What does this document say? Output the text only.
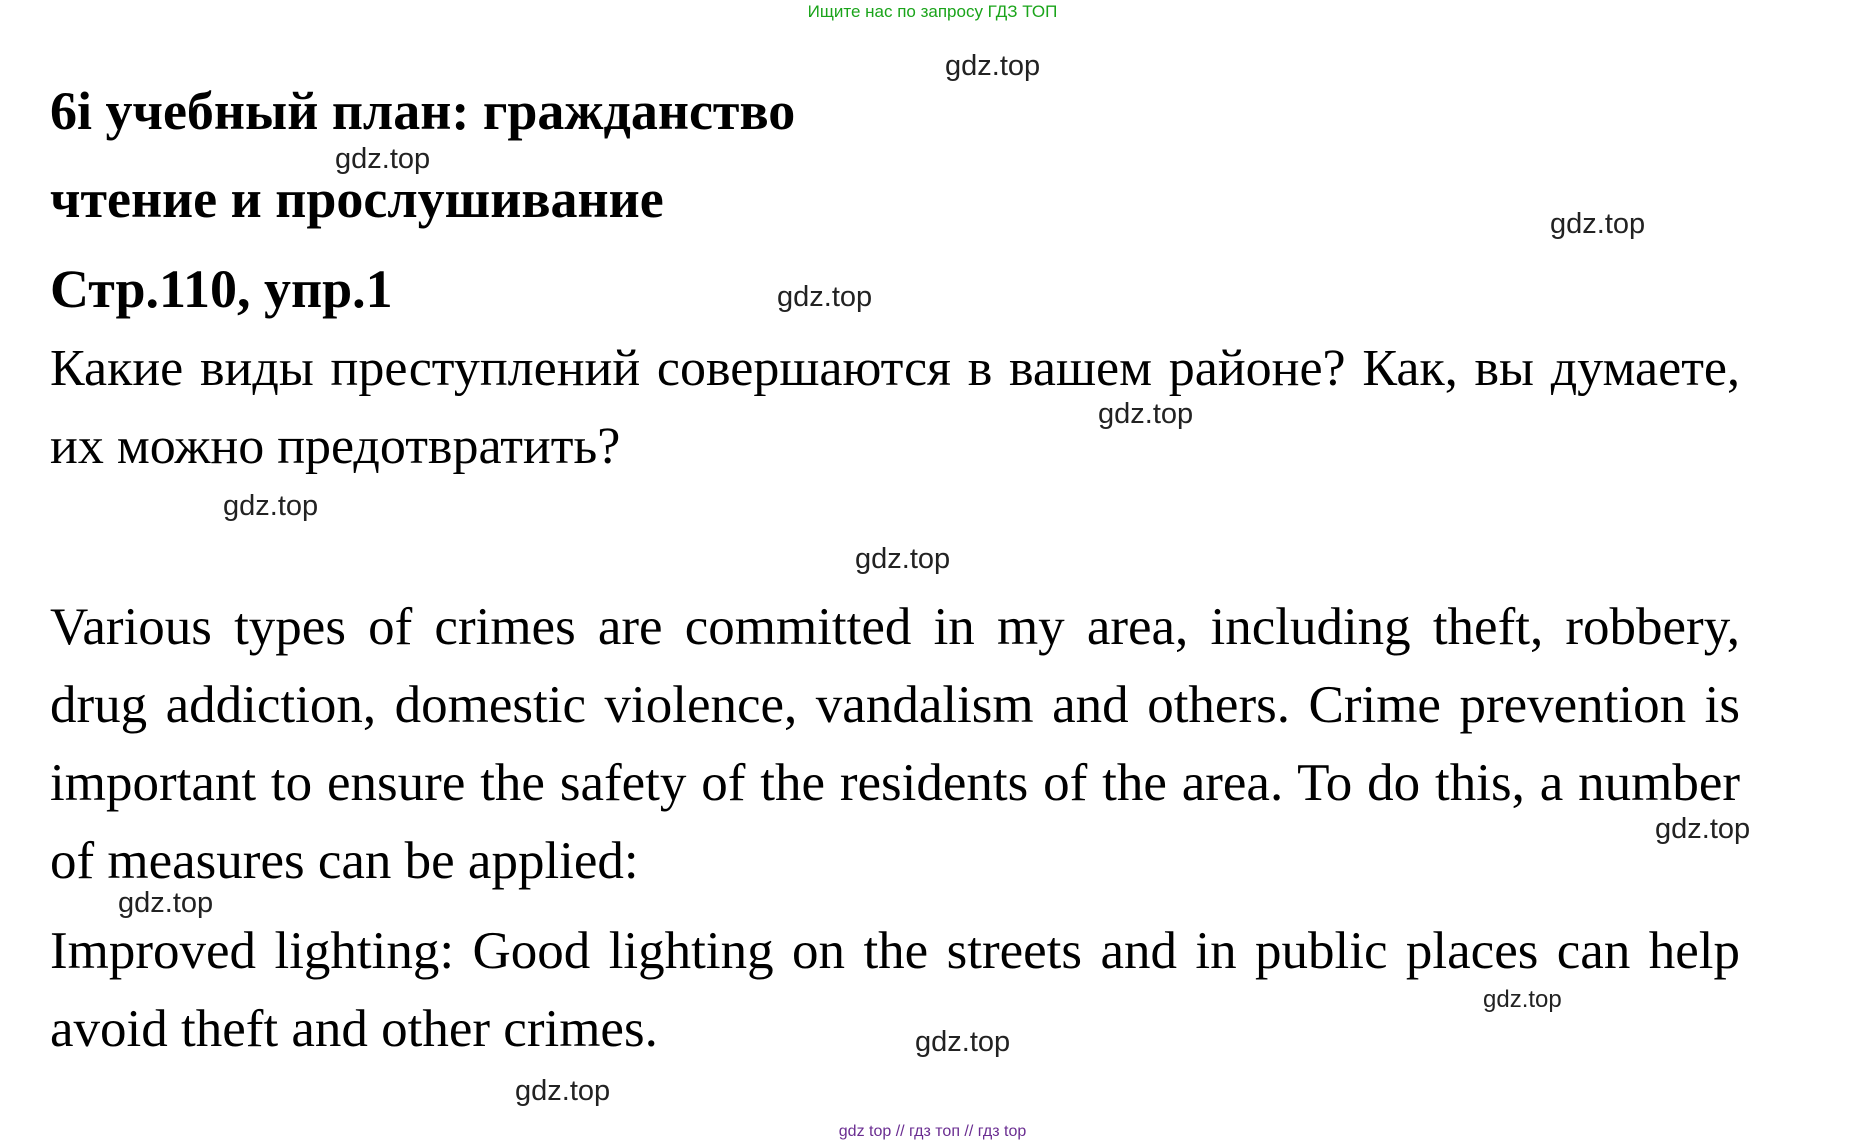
Ищите нас по запросу ГДЗ ТОП
6i учебный план: гражданство
чтение и прослушивание
Стр.110, упр.1

Какие виды преступлений совершаются в вашем районе? Как, вы думаете, их можно предотвратить?

Various types of crimes are committed in my area, including theft, robbery, drug addiction, domestic violence, vandalism and others. Crime prevention is important to ensure the safety of the residents of the area. To do this, a number of measures can be applied:

Improved lighting: Good lighting on the streets and in public places can help avoid theft and other crimes.

gdz.top
gdz.top
gdz.top
gdz.top
gdz.top
gdz.top
gdz.top
gdz.top
gdz.top
gdz.top
gdz.top
gdz.top
gdz top // гдз топ // гдз top
